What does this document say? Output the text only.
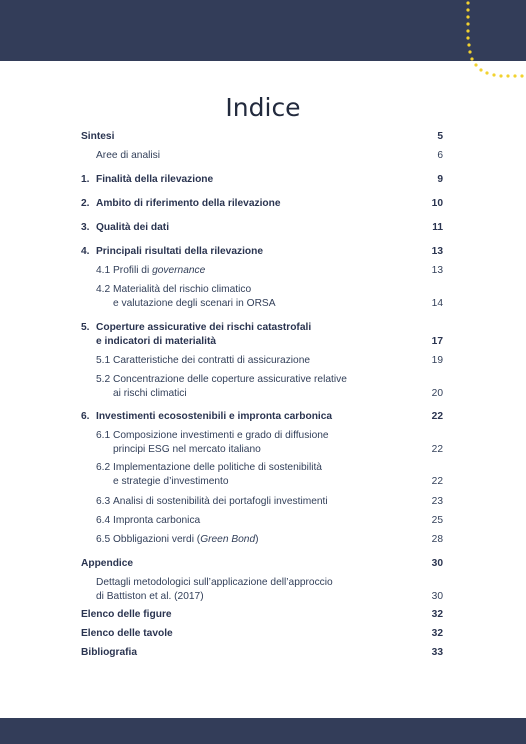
Indice
Sintesi	5
Aree di analisi	6
1. Finalità della rilevazione	9
2. Ambito di riferimento della rilevazione	10
3. Qualità dei dati	11
4. Principali risultati della rilevazione	13
4.1 Profili di governance	13
4.2 Materialità del rischio climatico
e valutazione degli scenari in ORSA	14
5. Coperture assicurative dei rischi catastrofali
e indicatori di materialità	17
5.1 Caratteristiche dei contratti di assicurazione	19
5.2 Concentrazione delle coperture assicurative relative
ai rischi climatici	20
6. Investimenti ecosostenibili e impronta carbonica	22
6.1 Composizione investimenti e grado di diffusione
principi ESG nel mercato italiano	22
6.2 Implementazione delle politiche di sostenibilità
e strategie d’investimento	22
6.3 Analisi di sostenibilità dei portafogli investimenti	23
6.4 Impronta carbonica	25
6.5 Obbligazioni verdi (Green Bond)	28
Appendice	30
Dettagli metodologici sull’applicazione dell’approccio
di Battiston et al. (2017)	30
Elenco delle figure	32
Elenco delle tavole	32
Bibliografia	33
